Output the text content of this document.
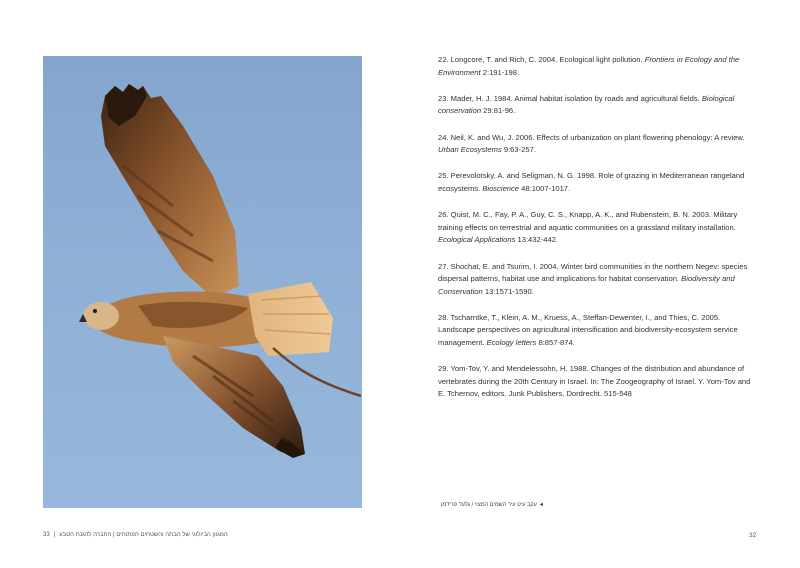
22. Longcore, T. and Rich, C. 2004. Ecological light pollution. Frontiers in Ecology and the Environment 2:191-198.
23. Mader, H. J. 1984. Animal habitat isolation by roads and agricultural fields. Biological conservation 29:81-96.
24. Neil, K. and Wu, J. 2006. Effects of urbanization on plant flowering phenology: A review. Urban Ecosystems 9:63-257.
25. Perevolotsky, A. and Seligman, N. G. 1998. Role of grazing in Mediterranean rangeland ecosystems. Bioscience 48:1007-1017.
26. Quist, M. C., Fay, P. A., Guy, C. S., Knapp, A. K., and Rubenstein, B. N. 2003. Military training effects on terrestrial and aquatic communities on a grassland military installation. Ecological Applications 13:432-442.
27. Shochat, E. and Tsurim, I. 2004. Winter bird communities in the northern Negev: species dispersal patterns, habitat use and implications for habitat conservation. Biodiversity and Conservation 13:1571-1590.
28. Tscharntke, T., Klein, A. M., Kruess, A., Steffan-Dewenter, I., and Thies, C. 2005. Landscape perspectives on agricultural intensification and biodiversity-ecosystem service management. Ecology letters 8:857-874.
29. Yom-Tov, Y. and Mendelessohn, H. 1988. Changes of the distribution and abundance of vertebrates during the 20th Century in Israel. In: The Zoogeography of Israel. Y. Yom-Tov and E. Tchernov, editors. Junk Publishers, Dordrecht. 515-548
◄ עקב עיט עיר השמים המצוי / גלעד פרידמן
33 | המגוון הביולוגי של הבתה והשטחים הפתוחים | החברה להגנת הטבע	32
